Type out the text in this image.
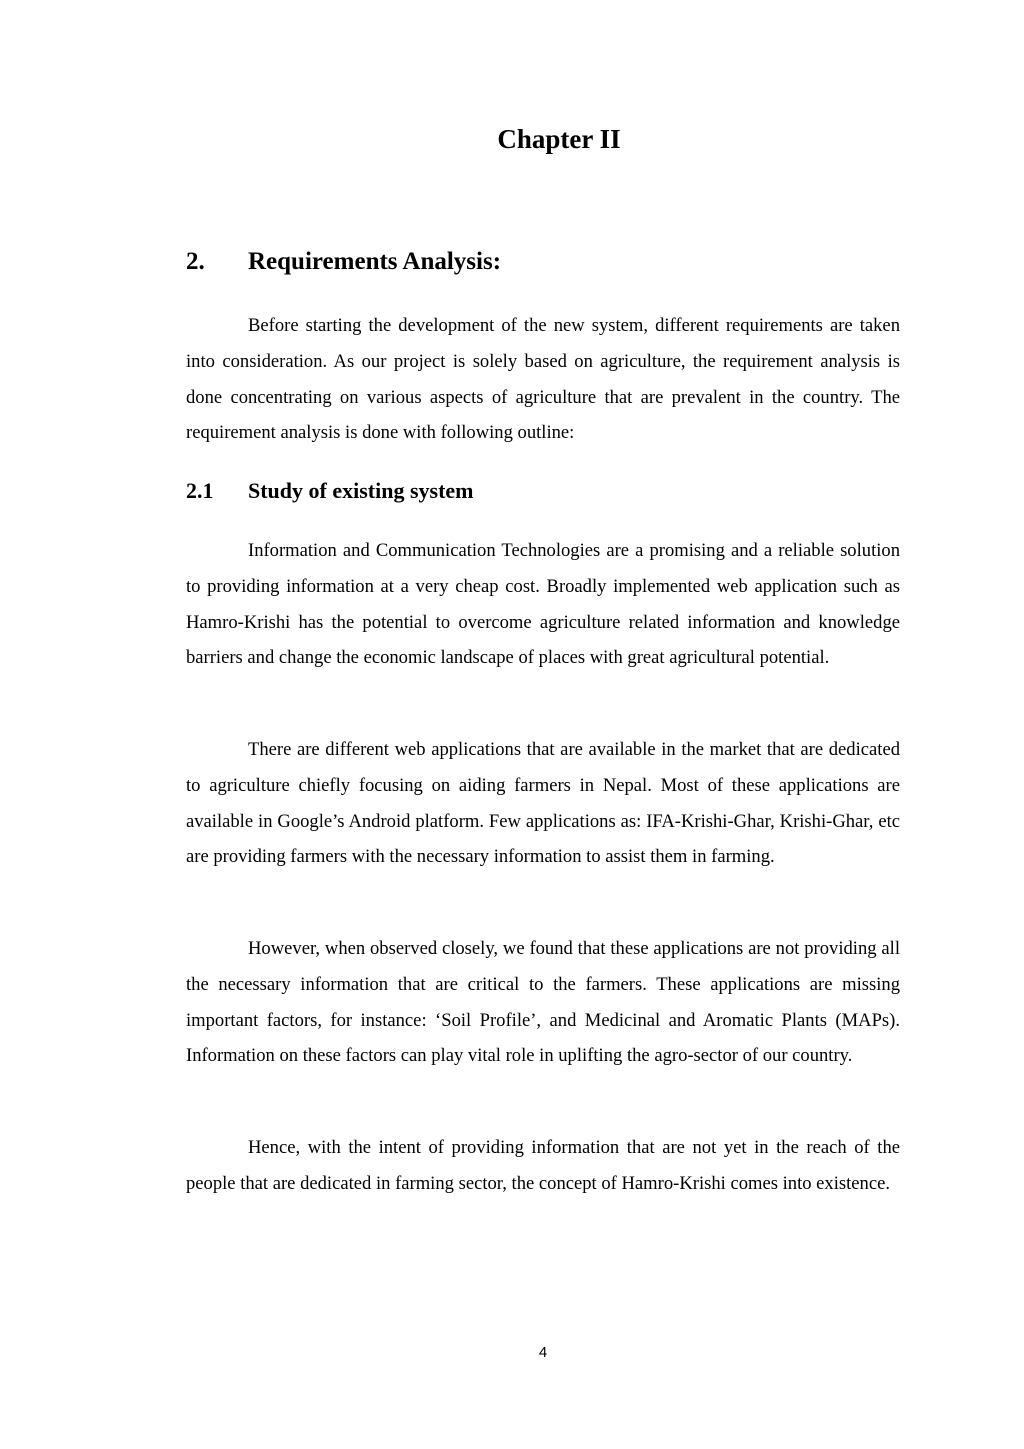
Chapter II
2. Requirements Analysis:

Before starting the development of the new system, different requirements are taken into consideration. As our project is solely based on agriculture, the requirement analysis is done concentrating on various aspects of agriculture that are prevalent in the country. The requirement analysis is done with following outline:

2.1 Study of existing system

Information and Communication Technologies are a promising and a reliable solution to providing information at a very cheap cost. Broadly implemented web application such as Hamro-Krishi has the potential to overcome agriculture related information and knowledge barriers and change the economic landscape of places with great agricultural potential.

There are different web applications that are available in the market that are dedicated to agriculture chiefly focusing on aiding farmers in Nepal. Most of these applications are available in Google’s Android platform. Few applications as: IFA-Krishi-Ghar, Krishi-Ghar, etc are providing farmers with the necessary information to assist them in farming.

However, when observed closely, we found that these applications are not providing all the necessary information that are critical to the farmers. These applications are missing important factors, for instance: ‘Soil Profile’, and Medicinal and Aromatic Plants (MAPs). Information on these factors can play vital role in uplifting the agro-sector of our country.

Hence, with the intent of providing information that are not yet in the reach of the people that are dedicated in farming sector, the concept of Hamro-Krishi comes into existence.

4
